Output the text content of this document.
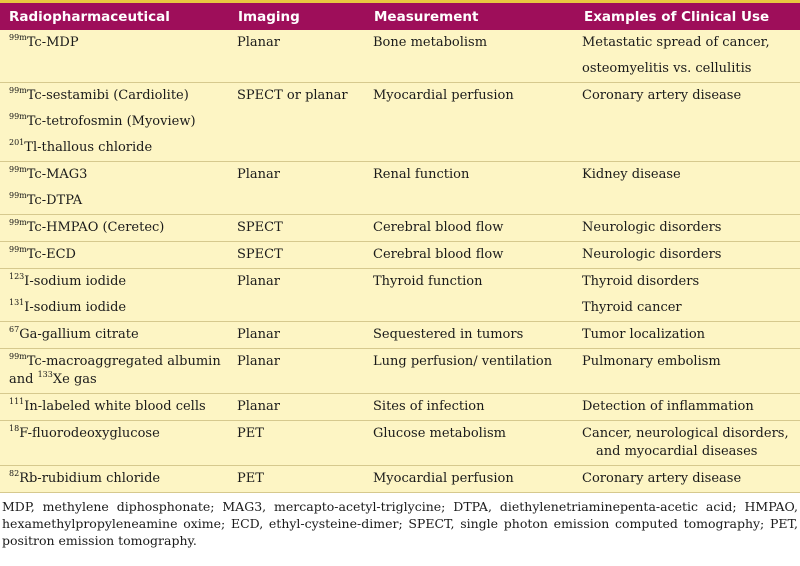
Radiopharmaceutical	Imaging	Measurement	Examples of Clinical Use

$^{99m}$Tc-MDP	Planar	Bone metabolism	Metastatic spread of cancer,
osteomyelitis vs. cellulitis

$^{99m}$Tc-sestamibi (Cardiolite)
$^{99m}$Tc-tetrofosmin (Myoview)
$^{201}$Tl-thallous chloride	SPECT or planar	Myocardial perfusion	Coronary artery disease

$^{99m}$Tc-MAG3
$^{99m}$Tc-DTPA	Planar	Renal function	Kidney disease

$^{99m}$Tc-HMPAO (Ceretec)	SPECT	Cerebral blood flow	Neurologic disorders

$^{99m}$Tc-ECD	SPECT	Cerebral blood flow	Neurologic disorders

$^{123}$I-sodium iodide
$^{131}$I-sodium iodide	Planar	Thyroid function	Thyroid disorders
Thyroid cancer

$^{67}$Ga-gallium citrate	Planar	Sequestered in tumors	Tumor localization

$^{99m}$Tc-macroaggregated albumin and $^{133}$Xe gas	Planar	Lung perfusion/ ventilation	Pulmonary embolism

$^{111}$In-labeled white blood cells	Planar	Sites of infection	Detection of inflammation

$^{18}$F-fluorodeoxyglucose	PET	Glucose metabolism	Cancer, neurological disorders, and myocardial diseases

$^{82}$Rb-rubidium chloride	PET	Myocardial perfusion	Coronary artery disease
MDP, methylene diphosphonate; MAG3, mercapto-acetyl-triglycine; DTPA, diethylenetriaminepenta-acetic acid; HMPAO, hexamethylpropyleneamine oxime; ECD, ethyl-cysteine-dimer; SPECT, single photon emission computed tomography; PET, positron emission tomography.
